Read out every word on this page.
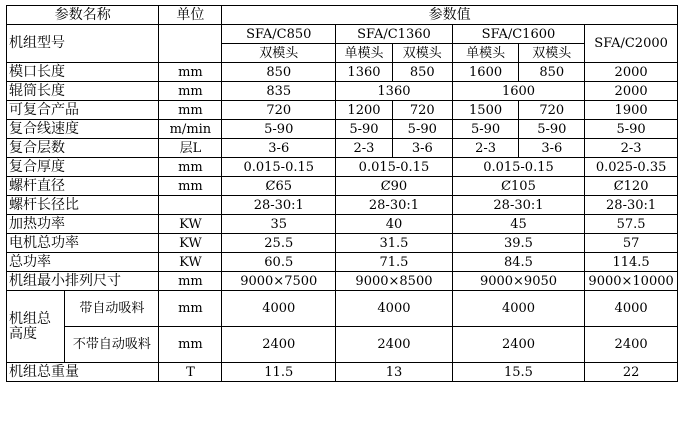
参数名称		单位	参数值					
机组型号			SFA/C850	SFA/C1360		SFA/C1600		SFA/C2000
			双模头	单模头	双模头	单模头	双模头	
模口长度		mm	850	1360	850	1600	850	2000
辊筒长度		mm	835	1360		1600		2000
可复合产品		mm	720	1200	720	1500	720	1900
复合线速度		m/min	5-90	5-90	5-90	5-90	5-90	5-90
复合层数		层L	3-6	2-3	3-6	2-3	3-6	2-3
复合厚度		mm	0.015-0.15	0.015-0.15		0.015-0.15		0.025-0.35
螺杆直径		mm	Ȼ65	Ȼ90		Ȼ105		Ȼ120
螺杆长径比			28-30:1	28-30:1		28-30:1		28-30:1
加热功率		KW	35	40		45		57.5
电机总功率		KW	25.5	31.5		39.5		57
总功率		KW	60.5	71.5		84.5		114.5
机组最小排列尺寸		mm	9000×7500	9000×8500		9000×9050		9000×10000
机组总高度	带自动吸料	mm	4000	4000		4000		4000
	不带自动吸料	mm	2400	2400		2400		2400
机组总重量		T	11.5	13		15.5		22
